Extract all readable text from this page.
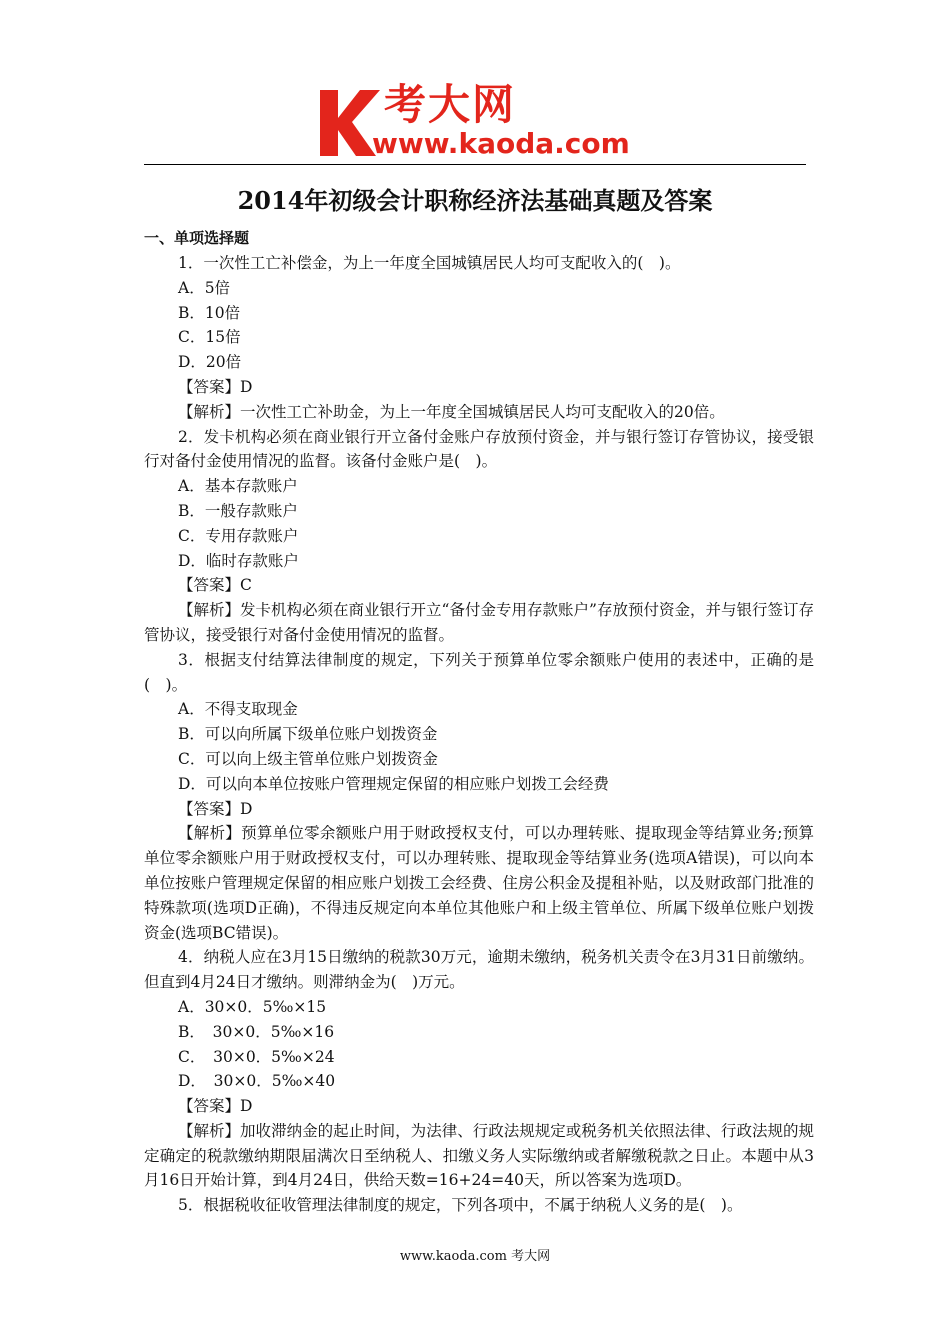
考大网
www.kaoda.com
2014年初级会计职称经济法基础真题及答案
一、单项选择题

1．一次性工亡补偿金，为上一年度全国城镇居民人均可支配收入的(　)。

A．5倍

B．10倍

C．15倍

D．20倍

【答案】D

【解析】一次性工亡补助金，为上一年度全国城镇居民人均可支配收入的20倍。

2．发卡机构必须在商业银行开立备付金账户存放预付资金，并与银行签订存管协议，接受银行对备付金使用情况的监督。该备付金账户是(　)。

A．基本存款账户

B．一般存款账户

C．专用存款账户

D．临时存款账户

【答案】C

【解析】发卡机构必须在商业银行开立“备付金专用存款账户”存放预付资金，并与银行签订存管协议，接受银行对备付金使用情况的监督。

3．根据支付结算法律制度的规定，下列关于预算单位零余额账户使用的表述中，正确的是(　)。

A．不得支取现金

B．可以向所属下级单位账户划拨资金

C．可以向上级主管单位账户划拨资金

D．可以向本单位按账户管理规定保留的相应账户划拨工会经费

【答案】D

【解析】预算单位零余额账户用于财政授权支付，可以办理转账、提取现金等结算业务;预算单位零余额账户用于财政授权支付，可以办理转账、提取现金等结算业务(选项A错误)，可以向本单位按账户管理规定保留的相应账户划拨工会经费、住房公积金及提租补贴，以及财政部门批准的特殊款项(选项D正确)，不得违反规定向本单位其他账户和上级主管单位、所属下级单位账户划拨资金(选项BC错误)。

4．纳税人应在3月15日缴纳的税款30万元，逾期未缴纳，税务机关责令在3月31日前缴纳。但直到4月24日才缴纳。则滞纳金为(　)万元。

A．30×0．5‰×15

B．　30×0．5‰×16

C．　30×0．5‰×24

D．　30×0．5‰×40

【答案】D

【解析】加收滞纳金的起止时间，为法律、行政法规规定或税务机关依照法律、行政法规的规定确定的税款缴纳期限届满次日至纳税人、扣缴义务人实际缴纳或者解缴税款之日止。本题中从3月16日开始计算，到4月24日，供给天数=16+24=40天，所以答案为选项D。

5．根据税收征收管理法律制度的规定，下列各项中，不属于纳税人义务的是(　)。

www.kaoda.com 考大网
